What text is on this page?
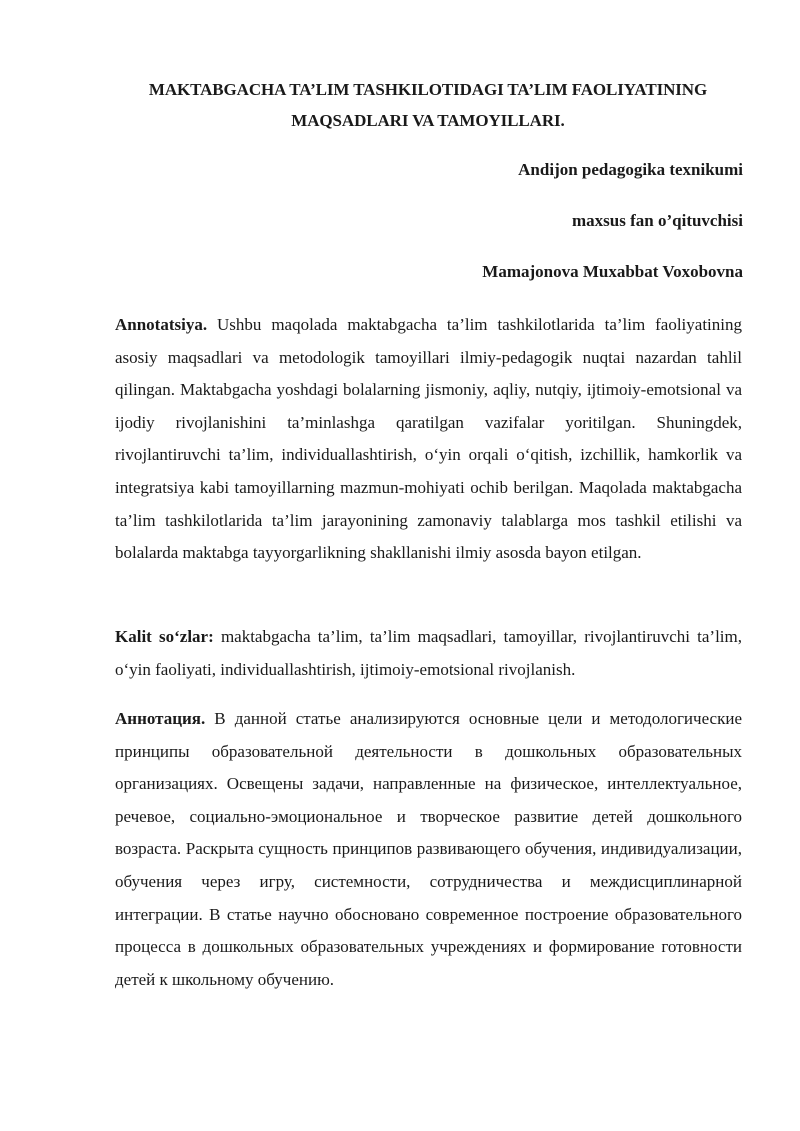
MAKTABGACHA TA’LIM TASHKILOTIDAGI TA’LIM FAOLIYATINING
MAQSADLARI VA TAMOYILLARI.
Andijon pedagogika texnikumi
maxsus fan o’qituvchisi
Mamajonova Muxabbat Voxobovna

Annotatsiya. Ushbu maqolada maktabgacha ta’lim tashkilotlarida ta’lim faoliyatining asosiy maqsadlari va metodologik tamoyillari ilmiy-pedagogik nuqtai nazardan tahlil qilingan. Maktabgacha yoshdagi bolalarning jismoniy, aqliy, nutqiy, ijtimoiy-emotsional va ijodiy rivojlanishini ta’minlashga qaratilgan vazifalar yoritilgan. Shuningdek, rivojlantiruvchi ta’lim, individuallashtirish, o‘yin orqali o‘qitish, izchillik, hamkorlik va integratsiya kabi tamoyillarning mazmun-mohiyati ochib berilgan. Maqolada maktabgacha ta’lim tashkilotlarida ta’lim jarayonining zamonaviy talablarga mos tashkil etilishi va bolalarda maktabga tayyorgarlikning shakllanishi ilmiy asosda bayon etilgan.

Kalit so‘zlar: maktabgacha ta’lim, ta’lim maqsadlari, tamoyillar, rivojlantiruvchi ta’lim, o‘yin faoliyati, individuallashtirish, ijtimoiy-emotsional rivojlanish.

Аннотация. В данной статье анализируются основные цели и методологические принципы образовательной деятельности в дошкольных образовательных организациях. Освещены задачи, направленные на физическое, интеллектуальное, речевое, социально-эмоциональное и творческое развитие детей дошкольного возраста. Раскрыта сущность принципов развивающего обучения, индивидуализации, обучения через игру, системности, сотрудничества и междисциплинарной интеграции. В статье научно обосновано современное построение образовательного процесса в дошкольных образовательных учреждениях и формирование готовности детей к школьному обучению.
